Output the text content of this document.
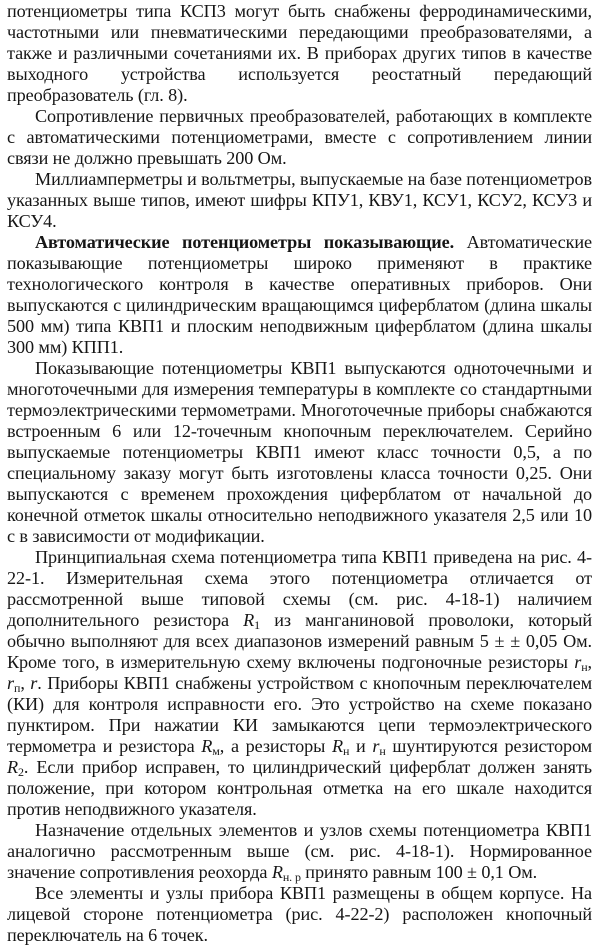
потенциометры типа КСП3 могут быть снабжены ферродинамическими, частотными или пневматическими передающими преобразователями, а также и различными сочетаниями их. В приборах других типов в качестве выходного устройства используется реостатный передающий преобразователь (гл. 8).

Сопротивление первичных преобразователей, работающих в комплекте с автоматическими потенциометрами, вместе с сопротивлением линии связи не должно превышать 200 Ом.

Миллиамперметры и вольтметры, выпускаемые на базе потенциометров указанных выше типов, имеют шифры КПУ1, КВУ1, КСУ1, КСУ2, КСУ3 и КСУ4.

Автоматические потенциометры показывающие. Автоматические показывающие потенциометры широко применяют в практике технологического контроля в качестве оперативных приборов. Они выпускаются с цилиндрическим вращающимся циферблатом (длина шкалы 500 мм) типа КВП1 и плоским неподвижным циферблатом (длина шкалы 300 мм) КПП1.

Показывающие потенциометры КВП1 выпускаются одноточечными и многоточечными для измерения температуры в комплекте со стандартными термоэлектрическими термометрами. Многоточечные приборы снабжаются встроенным 6 или 12-точечным кнопочным переключателем. Серийно выпускаемые потенциометры КВП1 имеют класс точности 0,5, а по специальному заказу могут быть изготовлены класса точности 0,25. Они выпускаются с временем прохождения циферблатом от начальной до конечной отметок шкалы относительно неподвижного указателя 2,5 или 10 с в зависимости от модификации.

Принципиальная схема потенциометра типа КВП1 приведена на рис. 4-22-1. Измерительная схема этого потенциометра отличается от рассмотренной выше типовой схемы (см. рис. 4-18-1) наличием дополнительного резистора $R_1$ из манганиновой проволоки, который обычно выполняют для всех диапазонов измерений равным 5 ± ± 0,05 Ом. Кроме того, в измерительную схему включены подгоночные резисторы $r_н$, $r_п$, r. Приборы КВП1 снабжены устройством с кнопочным переключателем (КИ) для контроля исправности его. Это устройство на схеме показано пунктиром. При нажатии КИ замыкаются цепи термоэлектрического термометра и резистора $R_м$, а резисторы $R_н$ и $r_н$ шунтируются резистором $R_2$. Если прибор исправен, то цилиндрический циферблат должен занять положение, при котором контрольная отметка на его шкале находится против неподвижного указателя.

Назначение отдельных элементов и узлов схемы потенциометра КВП1 аналогично рассмотренным выше (см. рис. 4-18-1). Нормированное значение сопротивления реохорда $R_{н. р}$ принято равным 100 ± 0,1 Ом.

Все элементы и узлы прибора КВП1 размещены в общем корпусе. На лицевой стороне потенциометра (рис. 4-22-2) расположен кнопочный переключатель на 6 точек.
